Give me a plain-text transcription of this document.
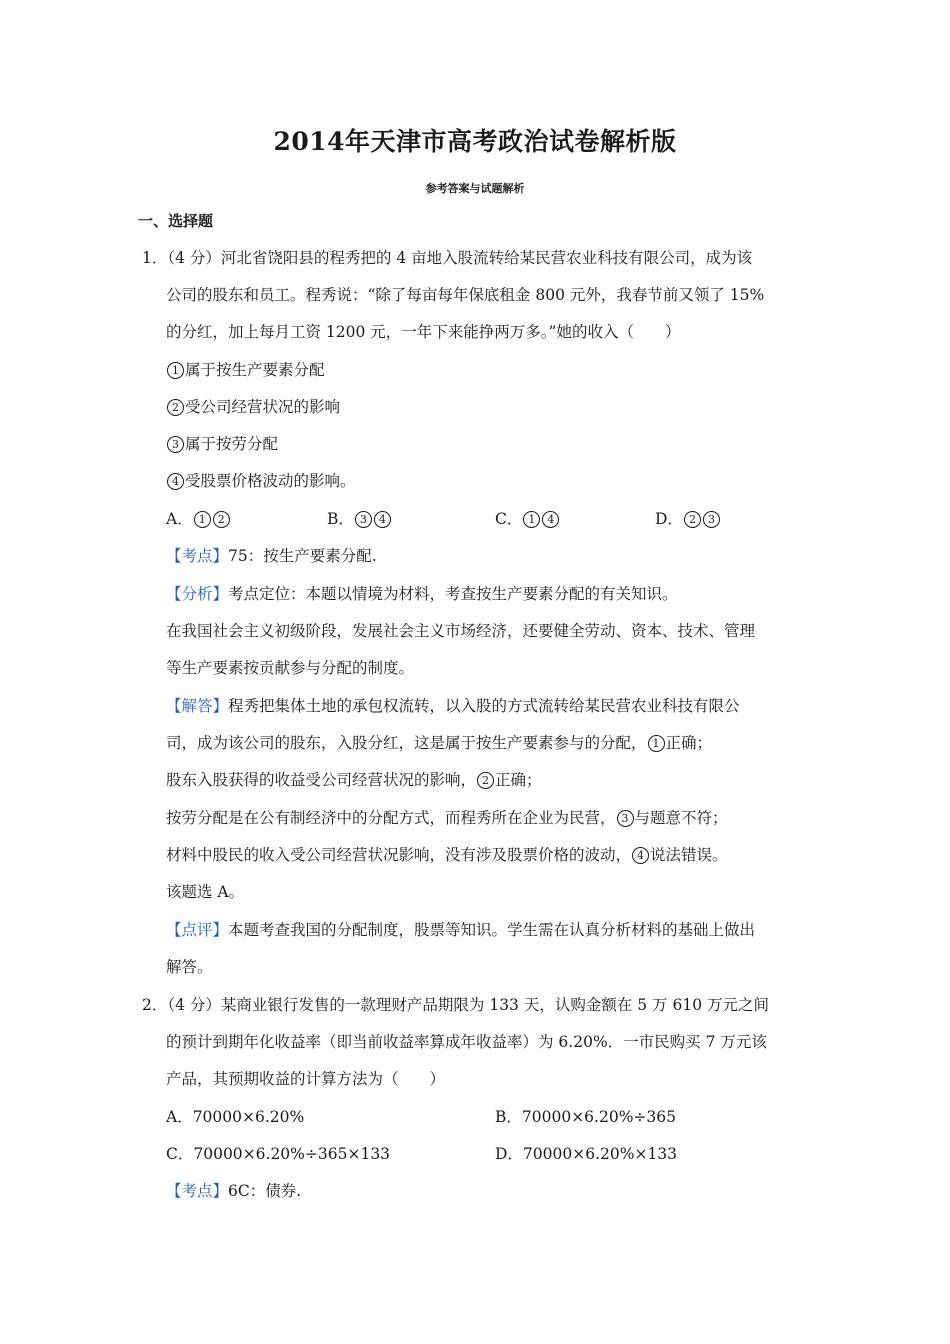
2014年天津市高考政治试卷解析版
参考答案与试题解析
一、选择题
1．（4 分）河北省饶阳县的程秀把的 4 亩地入股流转给某民营农业科技有限公司，成为该
公司的股东和员工。程秀说：“除了每亩每年保底租金 800 元外，我春节前又领了 15%
的分红，加上每月工资 1200 元，一年下来能挣两万多。”她的收入（　　）
1 属于按生产要素分配
2 受公司经营状况的影响
3 属于按劳分配
4 受股票价格波动的影响。
A． 1 2	B． 3 4	C． 1 4	D． 2 3
【考点】75：按生产要素分配.
【分析】考点定位：本题以情境为材料，考查按生产要素分配的有关知识。
在我国社会主义初级阶段，发展社会主义市场经济，还要健全劳动、资本、技术、管理
等生产要素按贡献参与分配的制度。
【解答】程秀把集体土地的承包权流转，以入股的方式流转给某民营农业科技有限公
司，成为该公司的股东，入股分红，这是属于按生产要素参与的分配， 1 正确；
股东入股获得的收益受公司经营状况的影响， 2 正确；
按劳分配是在公有制经济中的分配方式，而程秀所在企业为民营， 3 与题意不符；
材料中股民的收入受公司经营状况影响，没有涉及股票价格的波动， 4 说法错误。
该题选 A。
【点评】本题考查我国的分配制度，股票等知识。学生需在认真分析材料的基础上做出
解答。
2．（4 分）某商业银行发售的一款理财产品期限为 133 天，认购金额在 5 万 610 万元之间
的预计到期年化收益率（即当前收益率算成年收益率）为 6.20%．一市民购买 7 万元该
产品，其预期收益的计算方法为（　　）
A．70000×6.20%	B．70000×6.20%÷365
C．70000×6.20%÷365×133	D．70000×6.20%×133
【考点】6C：债券.
